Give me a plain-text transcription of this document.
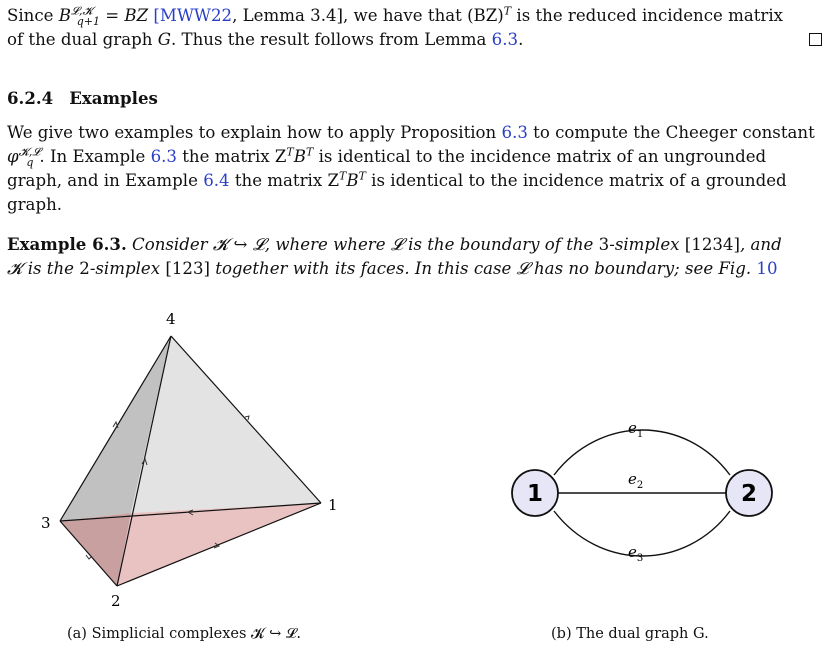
Since $B^{𝓛,𝓚}_{q+1}$ = BZ [MWW22, Lemma 3.4], we have that (BZ)$^T$ is the reduced incidence matrix
of the dual graph G. Thus the result follows from Lemma 6.3.
6.2.4 Examples
We give two examples to explain how to apply Proposition 6.3 to compute the Cheeger constant
$\varphi^{𝓚,𝓛}_q$ . In Example 6.3 the matrix $Z^TB^T$ is identical to the incidence matrix of an ungrounded
graph, and in Example 6.4 the matrix $Z^TB^T$ is identical to the incidence matrix of a grounded
graph.
Example 6.3. Consider 𝓚 ↪ 𝓛, where where 𝓛 is the boundary of the 3-simplex [1234], and
𝓚 is the 2-simplex [123] together with its faces. In this case 𝓛 has no boundary; see Fig. 10
4
1
3
2
(a) Simplicial complexes 𝓚 ↪ 𝓛.
1	2
$e_1$
$e_2$
$e_3$
(b) The dual graph G.
